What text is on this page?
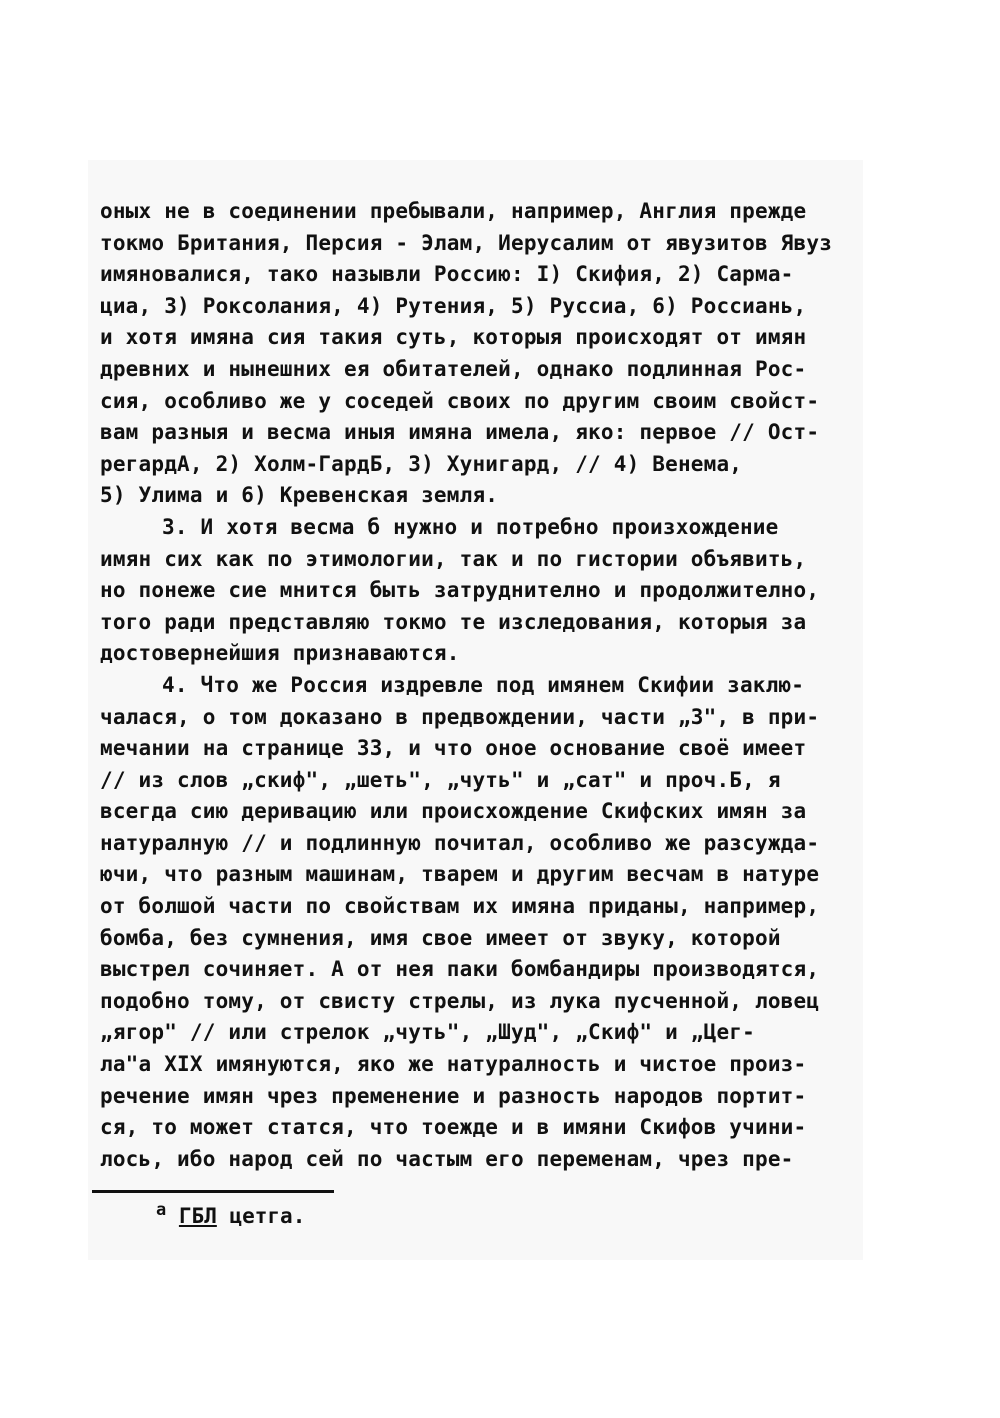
оных не в соединении пребывали, например, Англия прежде
токмо Британия, Персия - Элам, Иерусалим от явузитов Явуз
имяновалися, тако назывли Россию: I) Скифия, 2) Сарма-
циа, 3) Роксолания, 4) Рутения, 5) Руссиа, 6) Россиань,
и хотя имяна сия такия суть, которыя происходят от имян
древних и нынешних ея обитателей, однако подлинная Рос-
сия, особливо же у соседей своих по другим своим свойст-
вам разныя и весма иныя имяна имела, яко: первое // Ост-
регардА, 2) Холм-ГардБ, 3) Хунигард, // 4) Венема,
5) Улима и 6) Кревенская земля.
3. И хотя весма б нужно и потребно произхождение
имян сих как по этимологии, так и по гистории объявить,
но понеже сие мнится быть затруднително и продолжително,
того ради представляю токмо те изследования, которыя за
достовернейшия признаваются.
4. Что же Россия издревле под имянем Скифии заклю-
чалася, о том доказано в предвождении, части „3", в при-
мечании на странице 33, и что оное основание своё имеет
// из слов „скиф", „шеть", „чуть" и „сат" и проч.Б, я
всегда сию деривацию или происхождение Скифских имян за
натуралную // и подлинную почитал, особливо же разсужда-
ючи, что разным машинам, тварем и другим весчам в натуре
от болшой части по свойствам их имяна приданы, например,
бомба, без сумнения, имя свое имеет от звуку, которой
выстрел сочиняет. А от нея паки бомбандиры производятся,
подобно тому, от свисту стрелы, из лука пусченной, ловец
„ягор" // или стрелок „чуть", „Шуд", „Скиф" и „Цег-
ла"а XIX имянуются, яко же натуралность и чистое произ-
речение имян чрез пременение и разность народов портит-
ся, то может статся, что тоежде и в имяни Скифов учини-
лось, ибо народ сей по частым его переменам, чрез пре-
$^а$ ГБЛ цетга.
